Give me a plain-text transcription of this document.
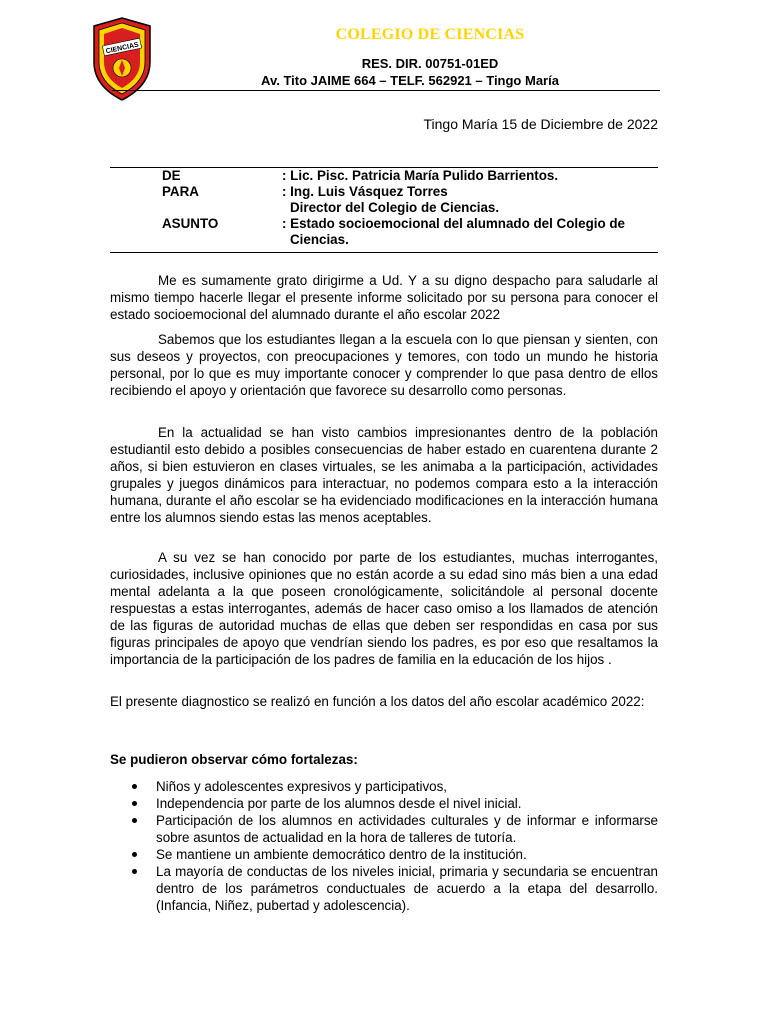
CIENCIAS
COLEGIO DE CIENCIAS
RES. DIR. 00751-01ED
Av. Tito JAIME 664 – TELF. 562921 – Tingo María
Tingo María 15 de Diciembre de 2022
DE	: Lic. Pisc. Patricia María Pulido Barrientos.
PARA	: Ing. Luis Vásquez Torres
Director del Colegio de Ciencias.
ASUNTO	: Estado socioemocional del alumnado del Colegio de
Ciencias.

Me es sumamente grato dirigirme a Ud. Y a su digno despacho para saludarle al mismo tiempo hacerle llegar el presente informe solicitado por su persona para conocer el estado socioemocional del alumnado durante el año escolar 2022

Sabemos que los estudiantes llegan a la escuela con lo que piensan y sienten, con sus deseos y proyectos, con preocupaciones y temores, con todo un mundo he historia personal, por lo que es muy importante conocer y comprender lo que pasa dentro de ellos recibiendo el apoyo y orientación que favorece su desarrollo como personas.

En la actualidad se han visto cambios impresionantes dentro de la población estudiantil esto debido a posibles consecuencias de haber estado en cuarentena durante 2 años, si bien estuvieron en clases virtuales, se les animaba a la participación, actividades grupales y juegos dinámicos para interactuar, no podemos compara esto a la interacción humana, durante el año escolar se ha evidenciado modificaciones en la interacción humana entre los alumnos siendo estas las menos aceptables.

A su vez se han conocido por parte de los estudiantes, muchas interrogantes, curiosidades, inclusive opiniones que no están acorde a su edad sino más bien a una edad mental adelanta a la que poseen cronológicamente, solicitándole al personal docente respuestas a estas interrogantes, además de hacer caso omiso a los llamados de atención de las figuras de autoridad muchas de ellas que deben ser respondidas en casa por sus figuras principales de apoyo que vendrían siendo los padres, es por eso que resaltamos la importancia de la participación de los padres de familia en la educación de los hijos .

El presente diagnostico se realizó en función a los datos del año escolar académico 2022:

Se pudieron observar cómo fortalezas:
Niños y adolescentes expresivos y participativos,
Independencia por parte de los alumnos desde el nivel inicial.
Participación de los alumnos en actividades culturales y de informar e informarse sobre asuntos de actualidad en la hora de talleres de tutoría.
Se mantiene un ambiente democrático dentro de la institución.
La mayoría de conductas de los niveles inicial, primaria y secundaria se encuentran dentro de los parámetros conductuales de acuerdo a la etapa del desarrollo. (Infancia, Niñez, pubertad y adolescencia).
